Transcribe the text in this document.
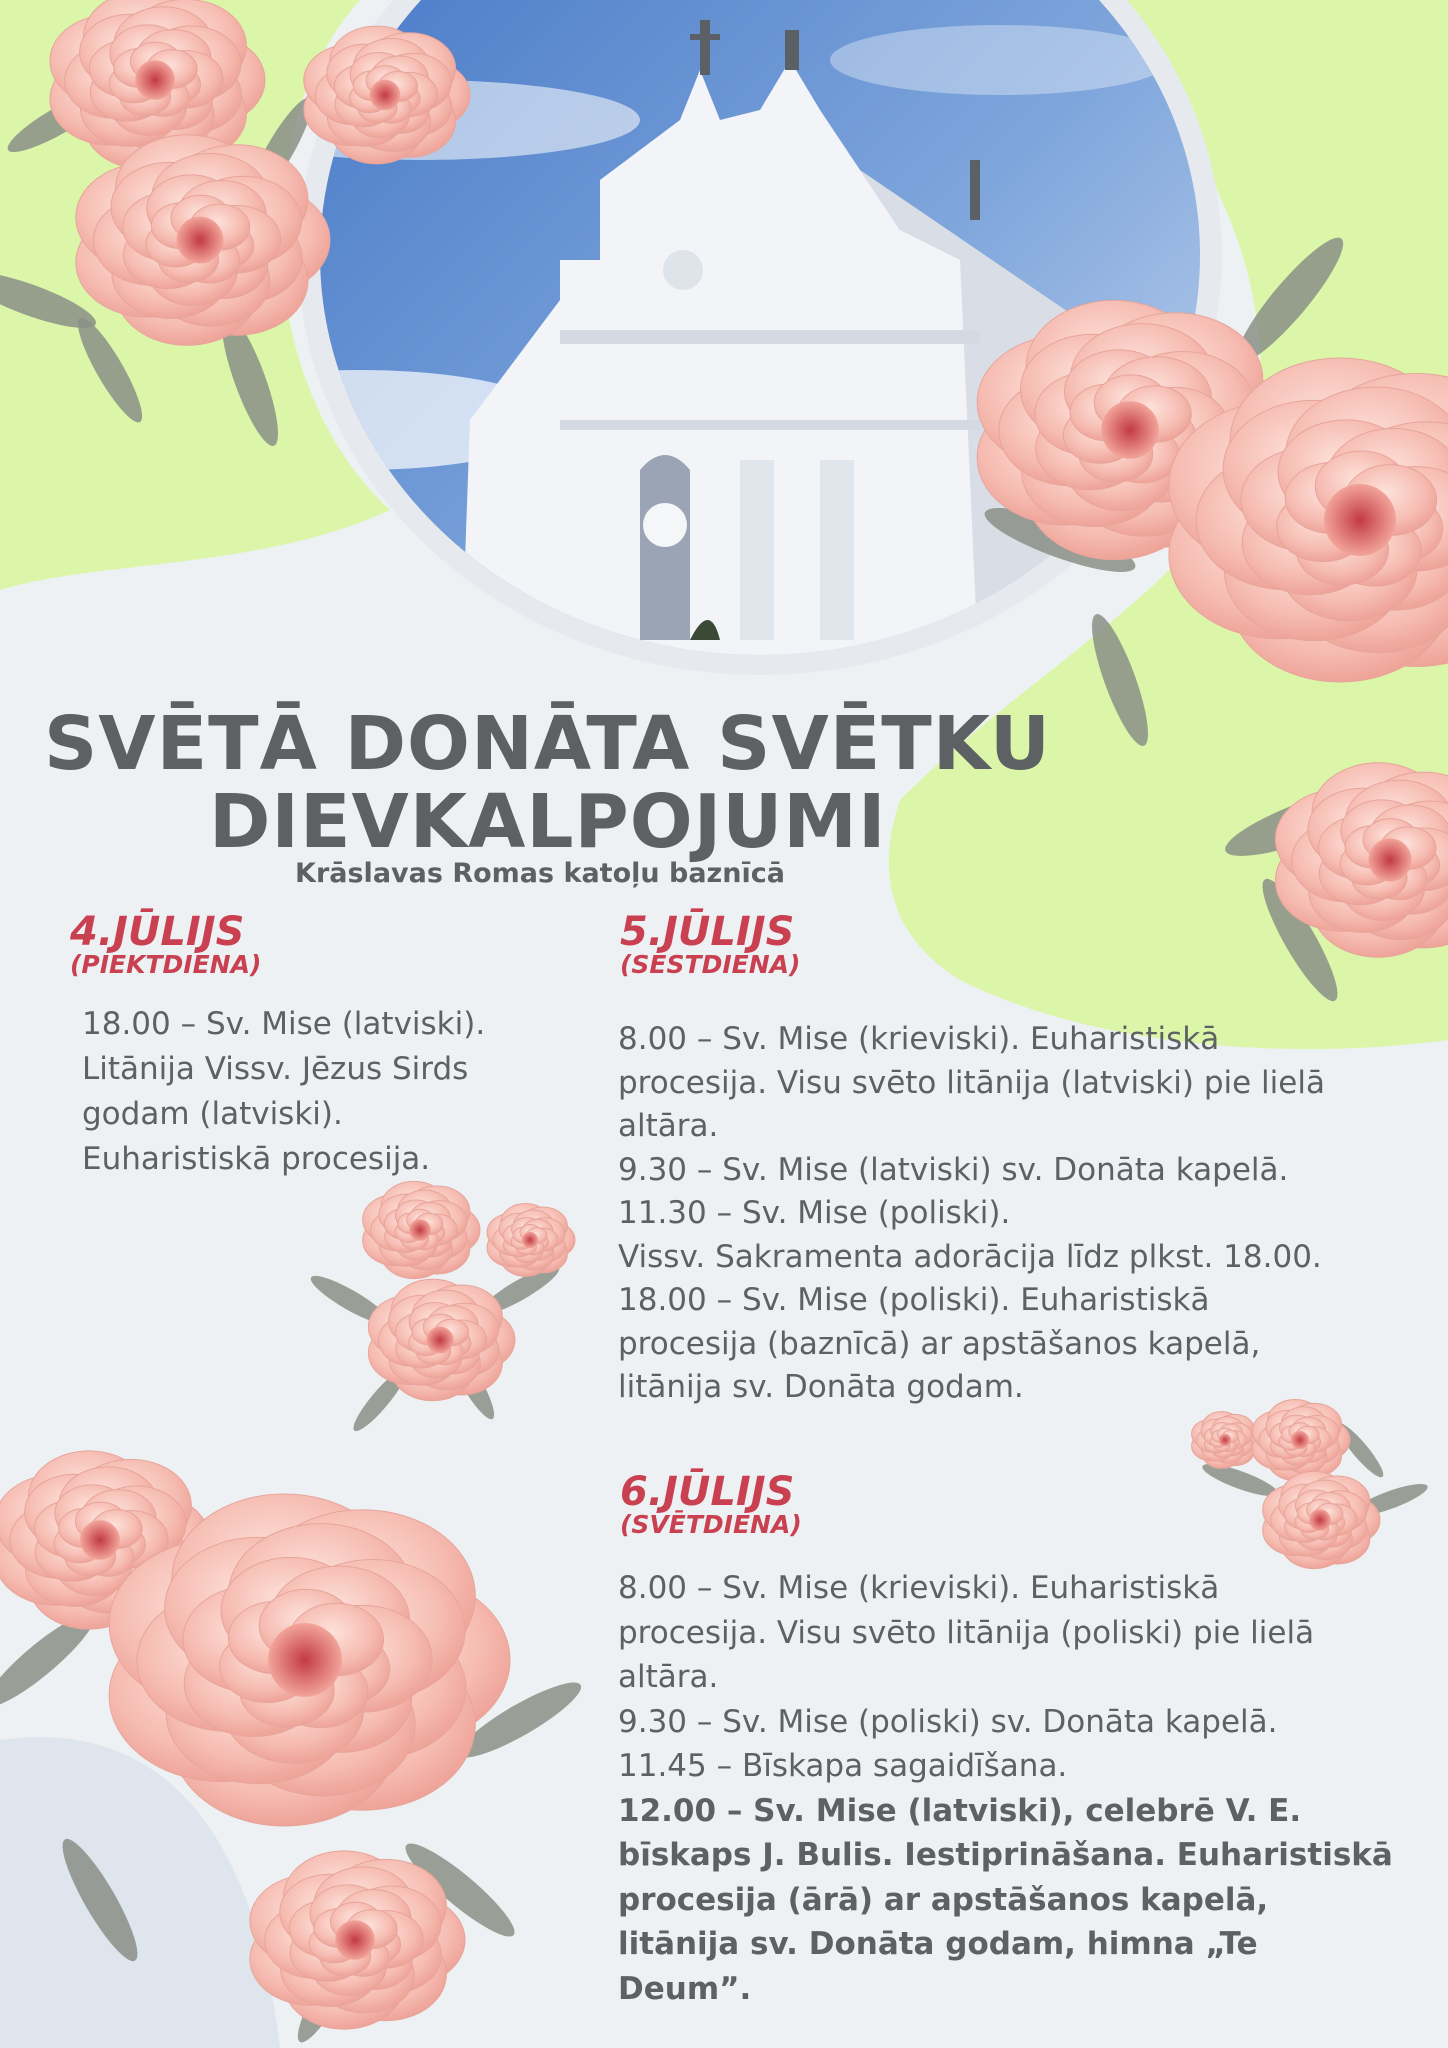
SVĒTĀ DONĀTA SVĒTKU
DIEVKALPOJUMI
Krāslavas Romas katoļu baznīcā
4.JŪLIJS
(PIEKTDIENA)
18.00 – Sv. Mise (latviski).
Litānija Vissv. Jēzus Sirds
godam (latviski).
Euharistiskā procesija.
5.JŪLIJS
(SESTDIENA)
8.00 – Sv. Mise (krieviski). Euharistiskā
procesija. Visu svēto litānija (latviski) pie lielā
altāra.
9.30 – Sv. Mise (latviski) sv. Donāta kapelā.
11.30 – Sv. Mise (poliski).
Vissv. Sakramenta adorācija līdz plkst. 18.00.
18.00 – Sv. Mise (poliski). Euharistiskā
procesija (baznīcā) ar apstāšanos kapelā,
litānija sv. Donāta godam.
6.JŪLIJS
(SVĒTDIENA)
8.00 – Sv. Mise (krieviski). Euharistiskā
procesija. Visu svēto litānija (poliski) pie lielā
altāra.
9.30 – Sv. Mise (poliski) sv. Donāta kapelā.
11.45 – Bīskapa sagaidīšana.
12.00 – Sv. Mise (latviski), celebrē V. E.
bīskaps J. Bulis. Iestiprināšana. Euharistiskā
procesija (ārā) ar apstāšanos kapelā,
litānija sv. Donāta godam, himna „Te
Deum”.
